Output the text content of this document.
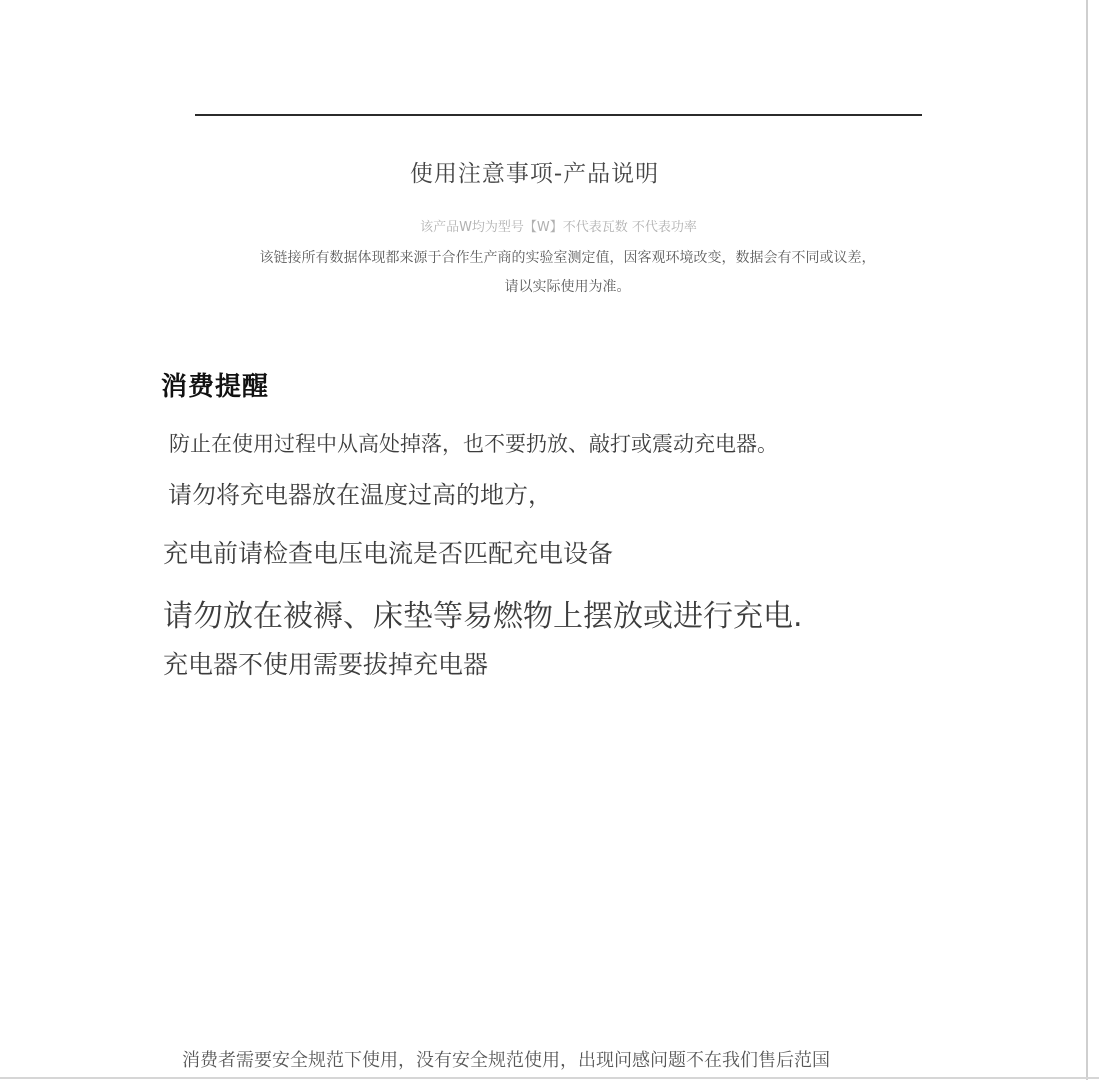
使用注意事项-产品说明
该产品W均为型号【W】不代表瓦数 不代表功率
该链接所有数据体现都来源于合作生产商的实验室测定值，因客观环境改变，数据会有不同或议差，
请以实际使用为准。
消费提醒
防止在使用过程中从高处掉落，也不要扔放、敲打或震动充电器。
请勿将充电器放在温度过高的地方，
充电前请检查电压电流是否匹配充电设备
请勿放在被褥、床垫等易燃物上摆放或进行充电.
充电器不使用需要拔掉充电器
消费者需要安全规范下使用，没有安全规范使用，出现问感问题不在我们售后范国
